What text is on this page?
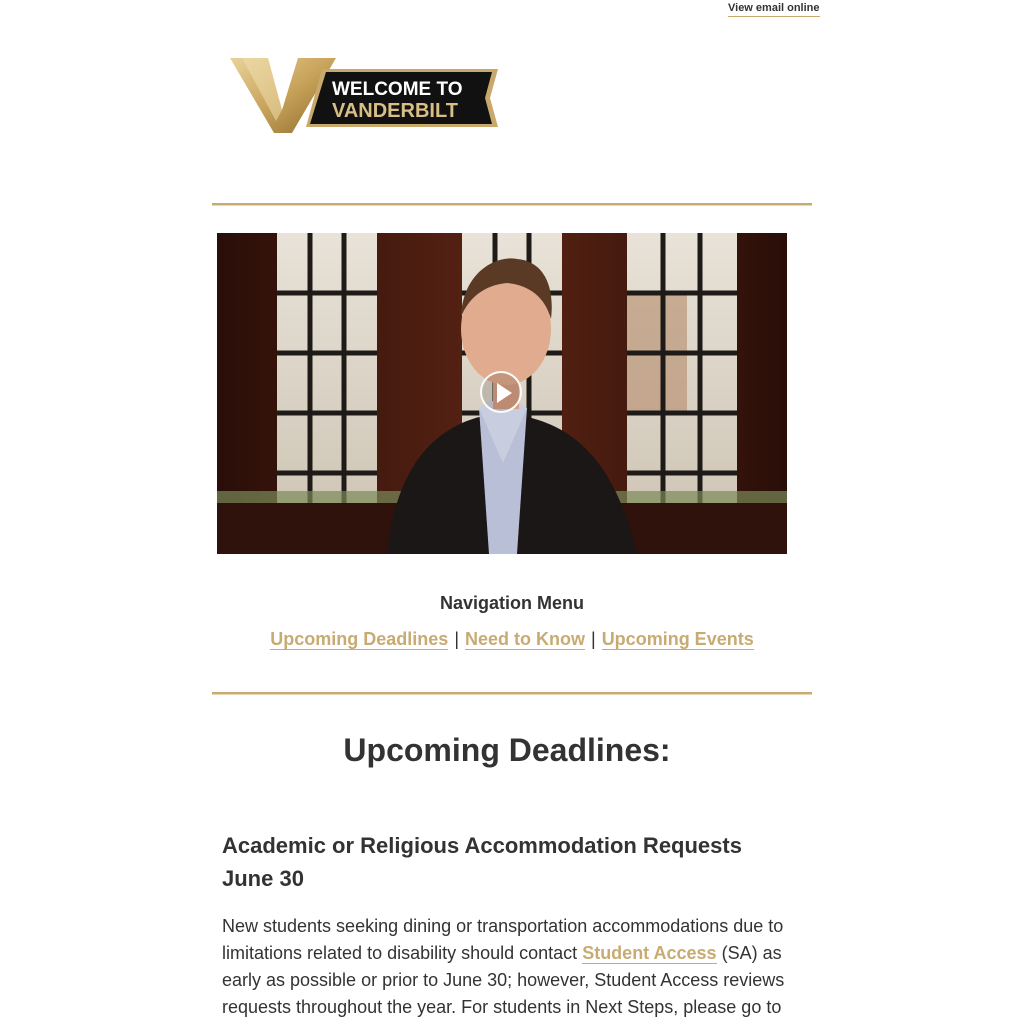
View email online
WELCOME TO
VANDERBILT
Navigation Menu
Upcoming Deadlines | Need to Know | Upcoming Events
Upcoming Deadlines:
Academic or Religious Accommodation Requests
June 30
New students seeking dining or transportation accommodations due to limitations related to disability should contact Student Access (SA) as early as possible or prior to June 30; however, Student Access reviews requests throughout the year. For students in Next Steps, please go to
